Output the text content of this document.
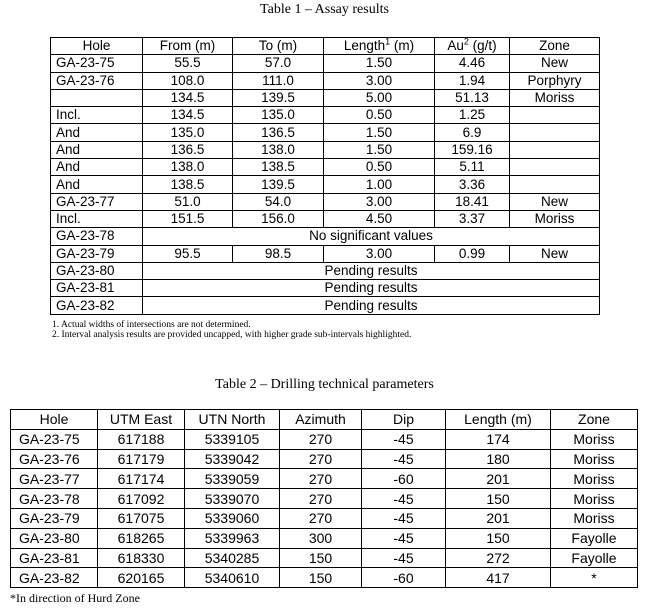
Table 1 – Assay results
Hole	From (m)	To (m)	Length$^1$ (m)	Au$^2$ (g/t)	Zone
GA-23-75	55.5	57.0	1.50	4.46	New
GA-23-76	108.0	111.0	3.00	1.94	Porphyry
	134.5	139.5	5.00	51.13	Moriss
Incl.	134.5	135.0	0.50	1.25	
And	135.0	136.5	1.50	6.9	
And	136.5	138.0	1.50	159.16	
And	138.0	138.5	0.50	5.11	
And	138.5	139.5	1.00	3.36	
GA-23-77	51.0	54.0	3.00	18.41	New
Incl.	151.5	156.0	4.50	3.37	Moriss
GA-23-78	No significant values				
GA-23-79	95.5	98.5	3.00	0.99	New
GA-23-80	Pending results				
GA-23-81	Pending results				
GA-23-82	Pending results				
1. Actual widths of intersections are not determined.
2. Interval analysis results are provided uncapped, with higher grade sub-intervals highlighted.
Table 2 – Drilling technical parameters
Hole	UTM East	UTN North	Azimuth	Dip	Length (m)	Zone
GA-23-75	617188	5339105	270	-45	174	Moriss
GA-23-76	617179	5339042	270	-45	180	Moriss
GA-23-77	617174	5339059	270	-60	201	Moriss
GA-23-78	617092	5339070	270	-45	150	Moriss
GA-23-79	617075	5339060	270	-45	201	Moriss
GA-23-80	618265	5339963	300	-45	150	Fayolle
GA-23-81	618330	5340285	150	-45	272	Fayolle
GA-23-82	620165	5340610	150	-60	417	*
*In direction of Hurd Zone
